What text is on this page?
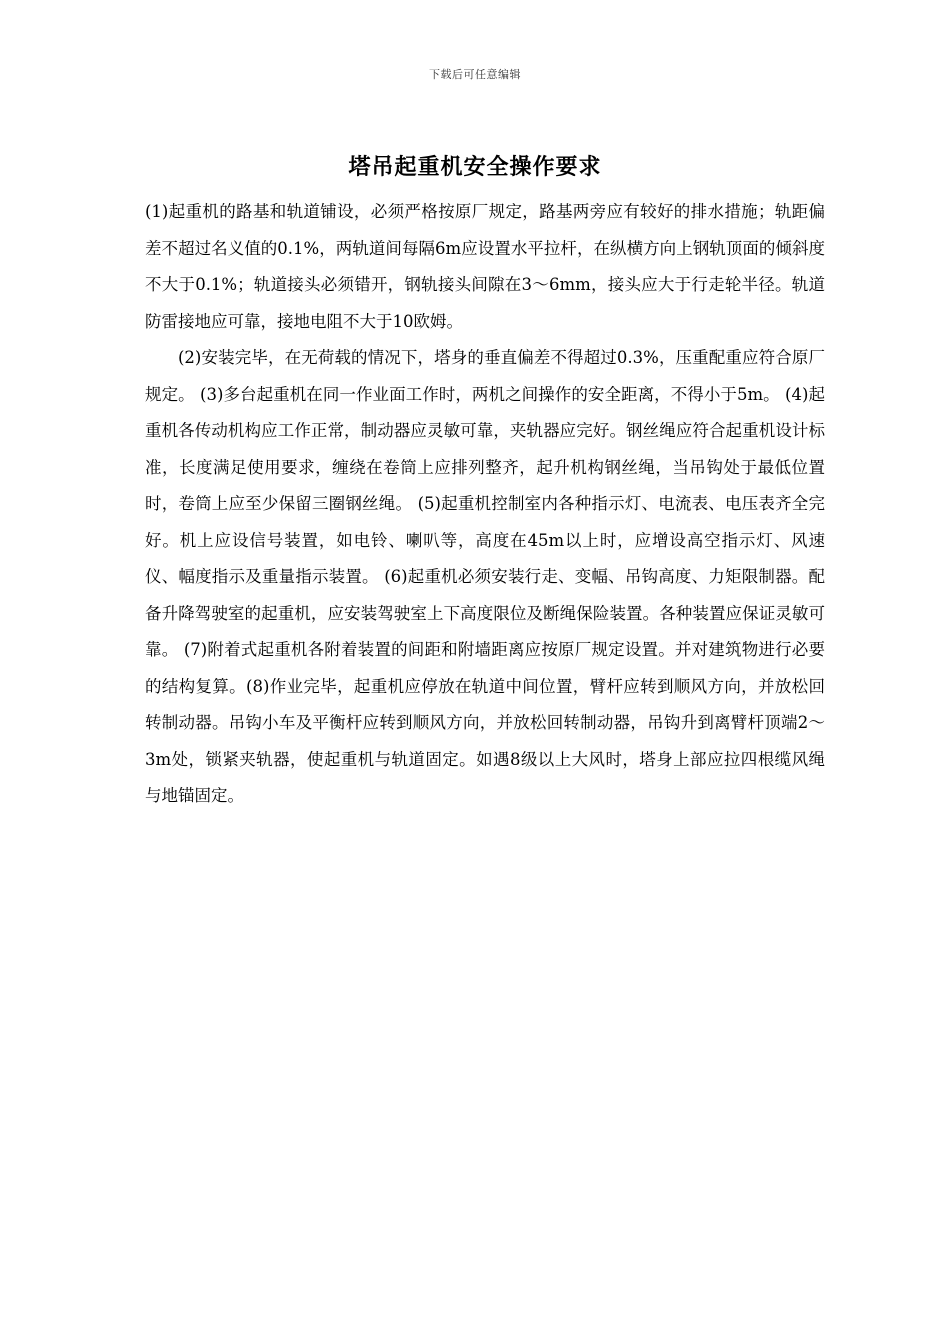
下载后可任意编辑
塔吊起重机安全操作要求

(1)起重机的路基和轨道铺设，必须严格按原厂规定，路基两旁应有较好的排水措施；轨距偏差不超过名义值的0.1%，两轨道间每隔6m应设置水平拉杆，在纵横方向上钢轨顶面的倾斜度不大于0.1%；轨道接头必须错开，钢轨接头间隙在3～6mm，接头应大于行走轮半径。轨道防雷接地应可靠，接地电阻不大于10欧姆。

(2)安装完毕，在无荷载的情况下，塔身的垂直偏差不得超过0.3%，压重配重应符合原厂规定。 (3)多台起重机在同一作业面工作时，两机之间操作的安全距离，不得小于5m。 (4)起重机各传动机构应工作正常，制动器应灵敏可靠，夹轨器应完好。钢丝绳应符合起重机设计标准，长度满足使用要求，缠绕在卷筒上应排列整齐，起升机构钢丝绳，当吊钩处于最低位置时，卷筒上应至少保留三圈钢丝绳。 (5)起重机控制室内各种指示灯、电流表、电压表齐全完好。机上应设信号装置，如电铃、喇叭等，高度在45m以上时，应增设高空指示灯、风速仪、幅度指示及重量指示装置。 (6)起重机必须安装行走、变幅、吊钩高度、力矩限制器。配备升降驾驶室的起重机，应安装驾驶室上下高度限位及断绳保险装置。各种装置应保证灵敏可靠。 (7)附着式起重机各附着装置的间距和附墙距离应按原厂规定设置。并对建筑物进行必要的结构复算。(8)作业完毕，起重机应停放在轨道中间位置，臂杆应转到顺风方向，并放松回转制动器。吊钩小车及平衡杆应转到顺风方向，并放松回转制动器，吊钩升到离臂杆顶端2～3m处，锁紧夹轨器，使起重机与轨道固定。如遇8级以上大风时，塔身上部应拉四根缆风绳与地锚固定。
